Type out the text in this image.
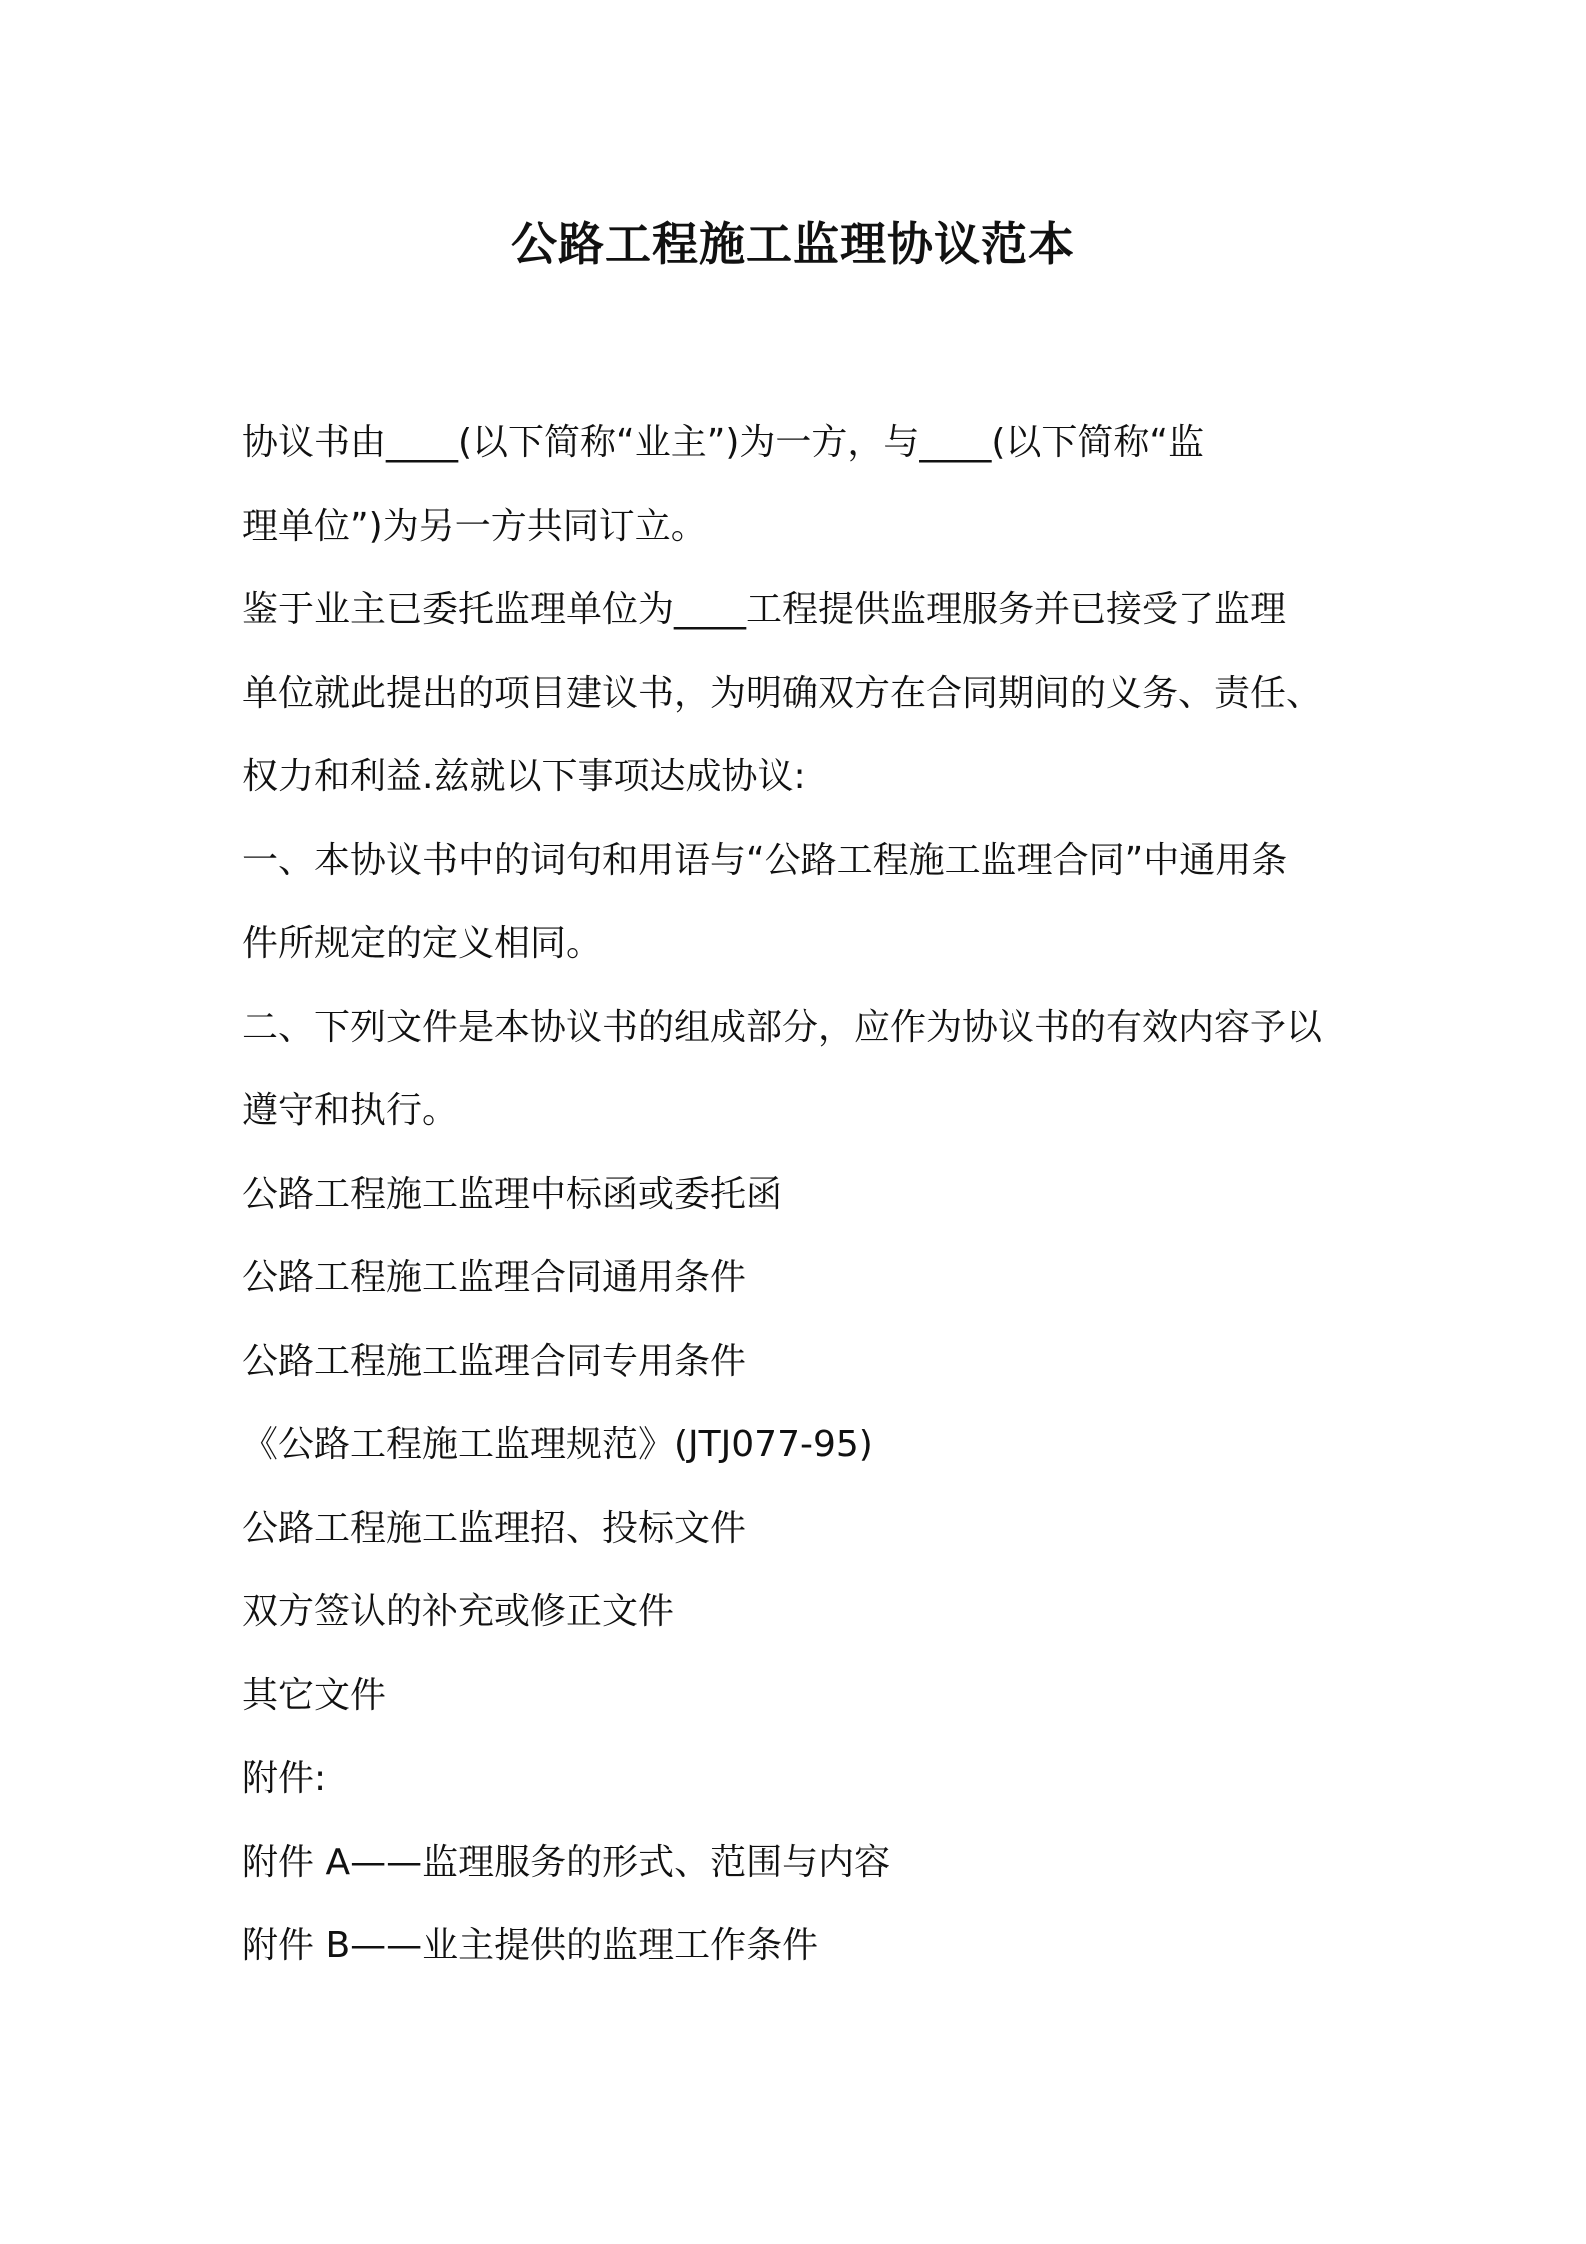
公路工程施工监理协议范本
协议书由____(以下简称“业主”)为一方，与____(以下简称“监
理单位”)为另一方共同订立。
鉴于业主已委托监理单位为____工程提供监理服务并已接受了监理
单位就此提出的项目建议书，为明确双方在合同期间的义务、责任、
权力和利益.兹就以下事项达成协议:
一、本协议书中的词句和用语与“公路工程施工监理合同”中通用条
件所规定的定义相同。
二、下列文件是本协议书的组成部分，应作为协议书的有效内容予以
遵守和执行。
公路工程施工监理中标函或委托函
公路工程施工监理合同通用条件
公路工程施工监理合同专用条件
《公路工程施工监理规范》(JTJ077-95)
公路工程施工监理招、投标文件
双方签认的补充或修正文件
其它文件
附件:
附件 A——监理服务的形式、范围与内容
附件 B——业主提供的监理工作条件
